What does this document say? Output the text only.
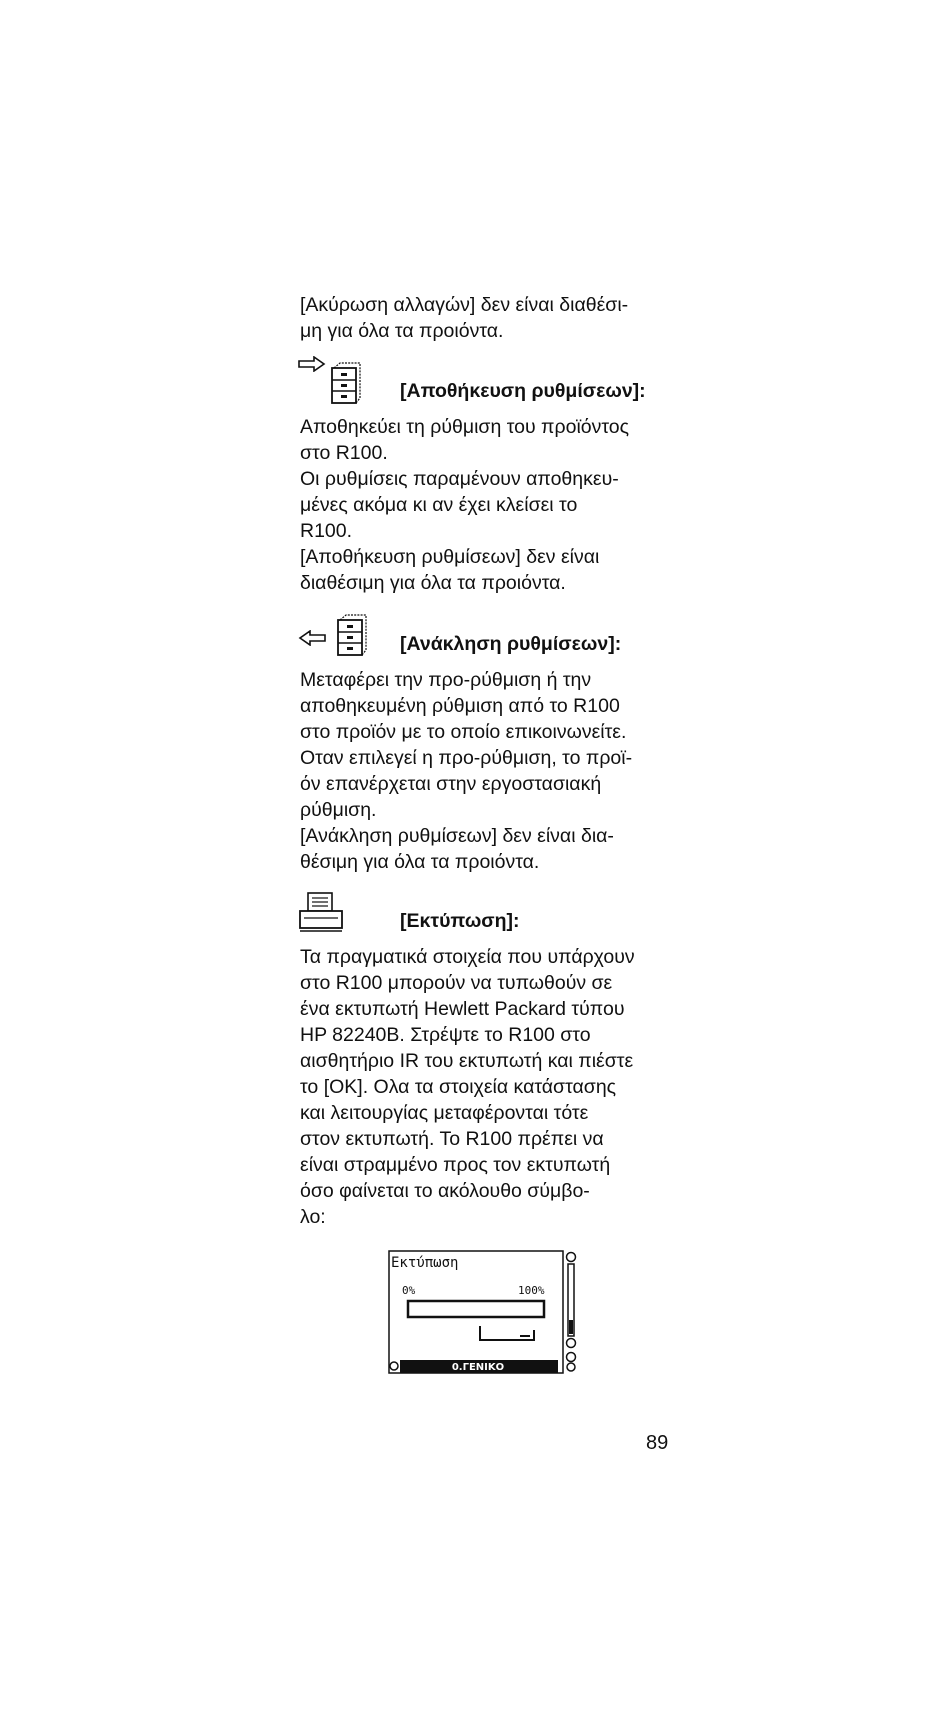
[Ακύρωση αλλαγών] δεν είναι διαθέσι-
μη για όλα τα προιόντα.
[Αποθήκευση ρυθμίσεων]:
Αποθηκεύει τη ρύθμιση του προϊόντος
στο R100.
Οι ρυθμίσεις παραμένουν αποθηκευ-
μένες ακόμα κι αν έχει κλείσει το
R100.
[Αποθήκευση ρυθμίσεων] δεν είναι
διαθέσιμη για όλα τα προιόντα.
[Ανάκληση ρυθμίσεων]:
Μεταφέρει την προ-ρύθμιση ή την
αποθηκευμένη ρύθμιση από το R100
στο προϊόν με το οποίο επικοινωνείτε.
Οταν επιλεγεί η προ-ρύθμιση, το προϊ-
όν επανέρχεται στην εργοστασιακή
ρύθμιση.
[Ανάκληση ρυθμίσεων] δεν είναι δια-
θέσιμη για όλα τα προιόντα.
[Εκτύπωση]:
Τα πραγματικά στοιχεία που υπάρχουν
στο R100 μπορούν να τυπωθούν σε
ένα εκτυπωτή Hewlett Packard τύπου
HP 82240B. Στρέψτε το R100 στο
αισθητήριο IR του εκτυπωτή και πιέστε
το [OK]. Ολα τα στοιχεία κατάστασης
και λειτουργίας μεταφέρονται τότε
στον εκτυπωτή. Το R100 πρέπει να
είναι στραμμένο προς τον εκτυπωτή
όσο φαίνεται το ακόλουθο σύμβο-
λο:
Εκτύπωση
0%	100%
0.ΓΕΝΙΚΟ
89
